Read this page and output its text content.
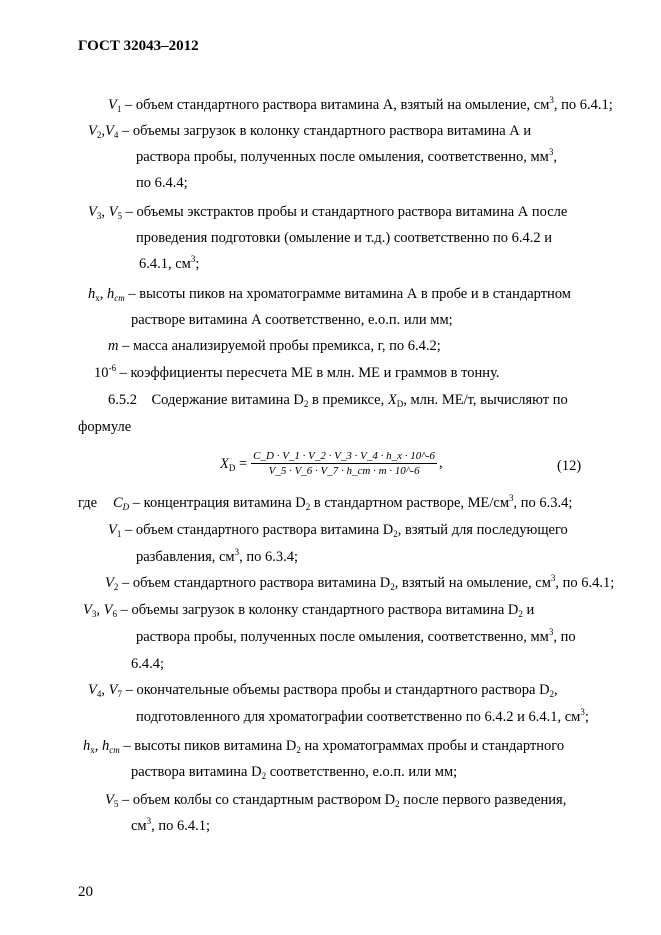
ГОСТ 32043–2012
$V_1$ – объем стандартного раствора витамина А, взятый на омыление, $см^3$, по 6.4.1;
$V_2,V_4$ – объемы загрузок в колонку стандартного раствора витамина А и
раствора пробы, полученных после омыления, соответственно, $мм^3$,
по 6.4.4;
$V_3$, $V_5$ – объемы экстрактов пробы и стандартного раствора витамина А после
проведения подготовки (омыление и т.д.) соответственно по 6.4.2 и
6.4.1, $см^3$;
$h_x$, $h_{ст}$ – высоты пиков на хроматограмме витамина А в пробе и в стандартном
растворе витамина А соответственно, е.о.п. или мм;
m – масса анализируемой пробы премикса, г, по 6.4.2;
$10^{-6}$ – коэффициенты пересчета МЕ в млн. МЕ и граммов в тонну.
6.5.2 Содержание витамина $D_2$ в премиксе, $X_D$, млн. МЕ/т, вычисляют по
формуле
$X_D = \frac{C\_D \cdot V\_1 \cdot V\_2 \cdot V\_3 \cdot V\_4 \cdot h\_x \cdot 10\^{}-6}{V\_5 \cdot V\_6 \cdot V\_7 \cdot h\_ст \cdot m \cdot 10\^{}-6}$ ,	(12)
где $C_D$ – концентрация витамина $D_2$ в стандартном растворе, $МЕ/см^3$, по 6.3.4;
$V_1$ – объем стандартного раствора витамина $D_2$, взятый для последующего
разбавления, $см^3$, по 6.3.4;
$V_2$ – объем стандартного раствора витамина $D_2$, взятый на омыление, $см^3$, по 6.4.1;
$V_3$, $V_6$ – объемы загрузок в колонку стандартного раствора витамина $D_2$ и
раствора пробы, полученных после омыления, соответственно, $мм^3$, по
6.4.4;
$V_4$, $V_7$ – окончательные объемы раствора пробы и стандартного раствора $D_2$,
подготовленного для хроматографии соответственно по 6.4.2 и 6.4.1, $см^3$;
$h_x$, $h_{ст}$ – высоты пиков витамина $D_2$ на хроматограммах пробы и стандартного
раствора витамина $D_2$ соответственно, е.о.п. или мм;
$V_5$ – объем колбы со стандартным раствором $D_2$ после первого разведения,
$см^3$, по 6.4.1;
20
